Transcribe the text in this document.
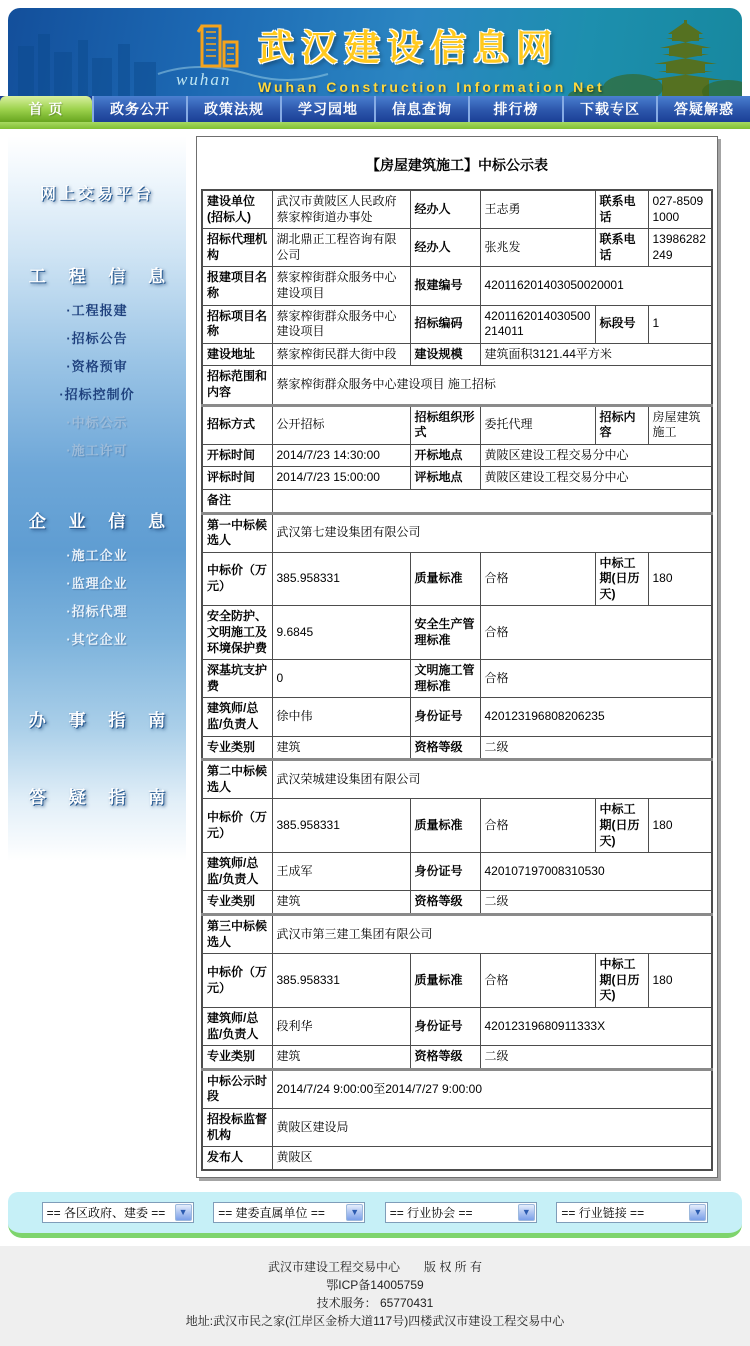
wuhan
武汉建设信息网
Wuhan Construction Information Net
首 页	政务公开	政策法规	学习园地	信息查询	排行榜	下载专区	答疑解惑
网上交易平台
工 程 信 息
·工程报建
·招标公告
·资格预审
·招标控制价
·中标公示
·施工许可
企 业 信 息
·施工企业
·监理企业
·招标代理
·其它企业
办 事 指 南
答 疑 指 南
【房屋建筑施工】中标公示表
建设单位(招标人)	武汉市黄陂区人民政府蔡家榨街道办事处	经办人	王志勇	联系电话	027-85091000
招标代理机构	湖北鼎正工程咨询有限公司	经办人	张兆发	联系电话	13986282249
报建项目名称	蔡家榨街群众服务中心建设项目	报建编号	420116201403050020001		
招标项目名称	蔡家榨街群众服务中心建设项目	招标编码	4201162014030500214011	标段号	1
建设地址	蔡家榨街民群大街中段	建设规模	建筑面积3121.44平方米		
招标范围和内容	蔡家榨街群众服务中心建设项目 施工招标				
招标方式	公开招标	招标组织形式	委托代理	招标内容	房屋建筑施工
开标时间	2014/7/23 14:30:00	开标地点	黄陂区建设工程交易分中心		
评标时间	2014/7/23 15:00:00	评标地点	黄陂区建设工程交易分中心		
备注					
第一中标候选人	武汉第七建设集团有限公司				
中标价（万元）	385.958331	质量标准	合格	中标工期(日历天)	180
安全防护、文明施工及环境保护费	9.6845	安全生产管理标准	合格		
深基坑支护费	0	文明施工管理标准	合格		
建筑师/总监/负责人	徐中伟	身份证号	420123196808206235		
专业类别	建筑	资格等级	二级		
第二中标候选人	武汉荣城建设集团有限公司				
中标价（万元）	385.958331	质量标准	合格	中标工期(日历天)	180
建筑师/总监/负责人	王成军	身份证号	420107197008310530		
专业类别	建筑	资格等级	二级		
第三中标候选人	武汉市第三建工集团有限公司				
中标价（万元）	385.958331	质量标准	合格	中标工期(日历天)	180
建筑师/总监/负责人	段利华	身份证号	42012319680911333X		
专业类别	建筑	资格等级	二级		
中标公示时段	2014/7/24 9:00:00至2014/7/27 9:00:00				
招投标监督机构	黄陂区建设局				
发布人	黄陂区				
== 各区政府、建委 ==	▼	== 建委直属单位 ==	▼	== 行业协会 ==	▼	== 行业链接 ==	▼
武汉市建设工程交易中心　　版 权 所 有
鄂ICP备14005759
技术服务： 65770431
地址:武汉市民之家(江岸区金桥大道117号)四楼武汉市建设工程交易中心
